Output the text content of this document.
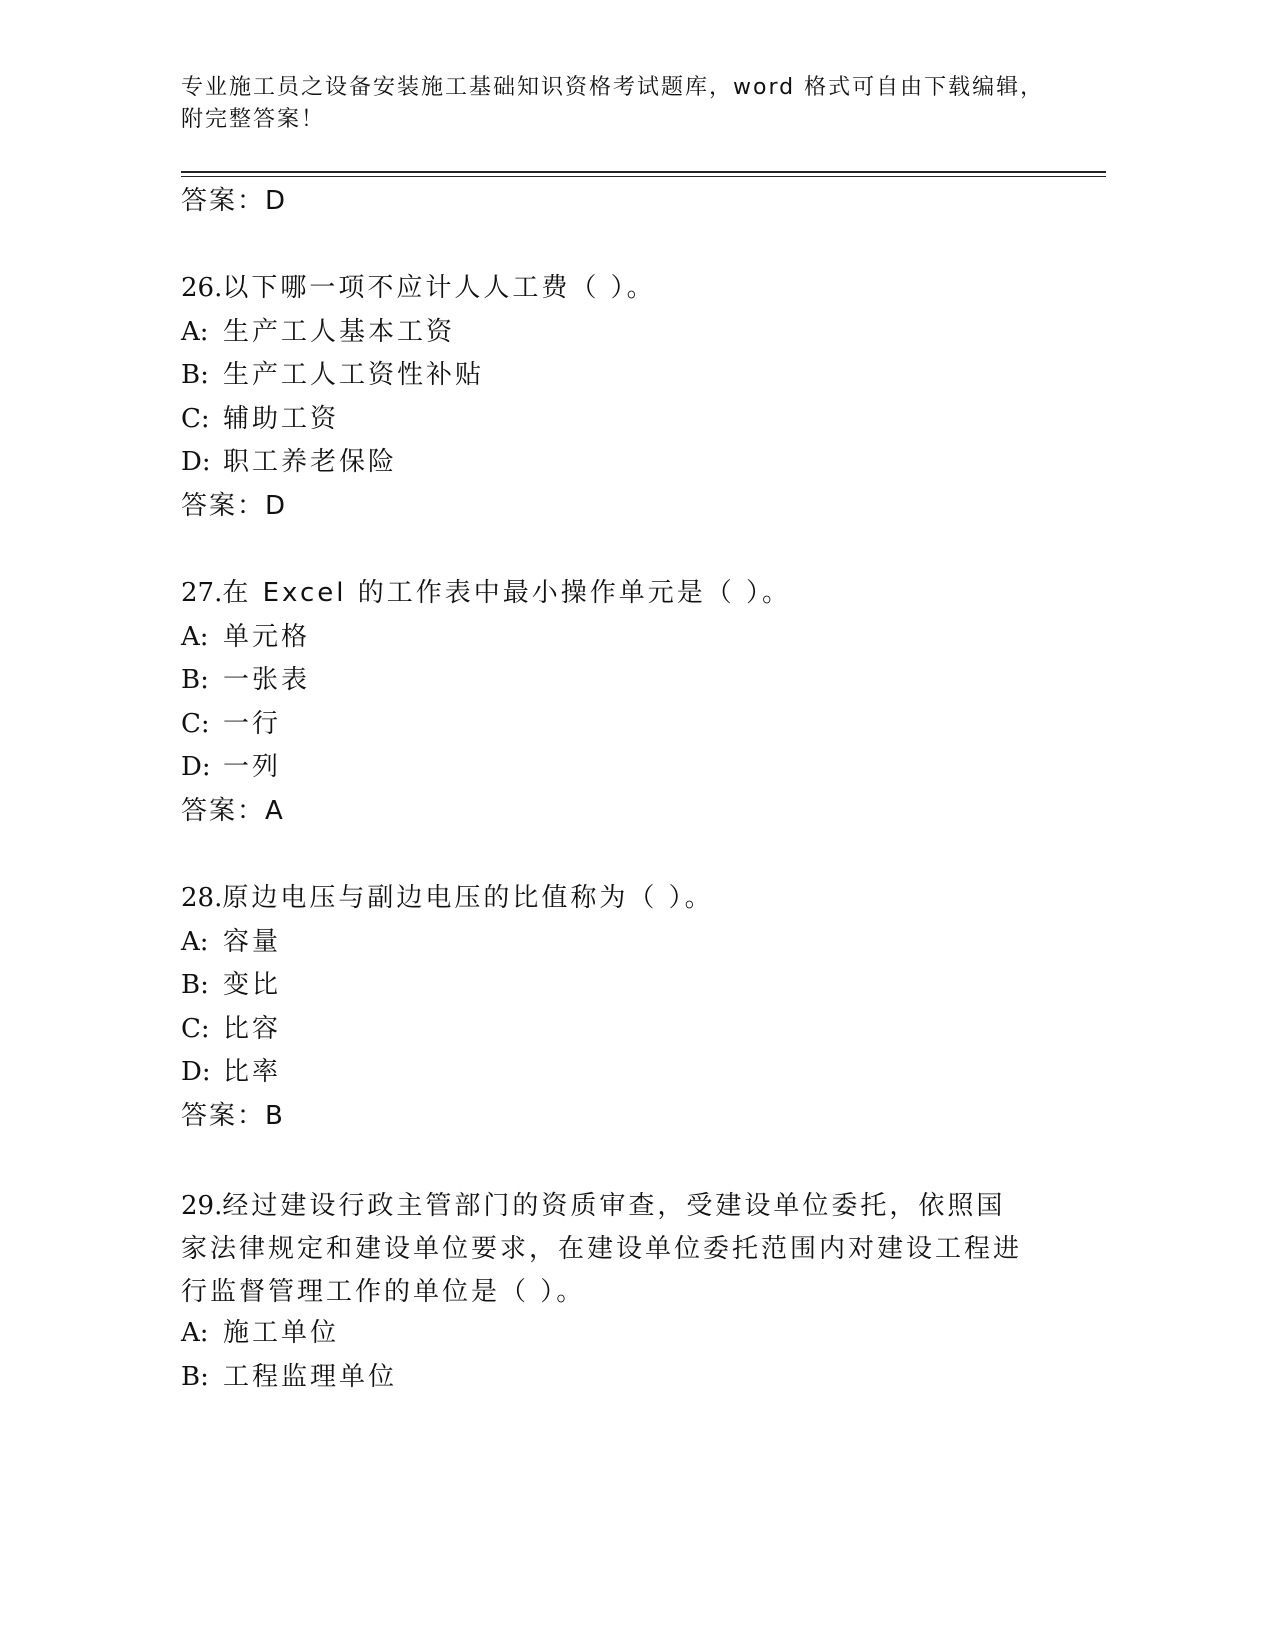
专业施工员之设备安装施工基础知识资格考试题库，word 格式可自由下载编辑，附完整答案！
答案：D
26.以下哪一项不应计人人工费（ ）。
A: 生产工人基本工资
B: 生产工人工资性补贴
C: 辅助工资
D: 职工养老保险
答案：D
27.在 Excel 的工作表中最小操作单元是（ ）。
A: 单元格
B: 一张表
C: 一行
D: 一列
答案：A
28.原边电压与副边电压的比值称为（ ）。
A: 容量
B: 变比
C: 比容
D: 比率
答案：B
29.经过建设行政主管部门的资质审查，受建设单位委托，依照国家法律规定和建设单位要求，在建设单位委托范围内对建设工程进行监督管理工作的单位是（ ）。
A: 施工单位
B: 工程监理单位
